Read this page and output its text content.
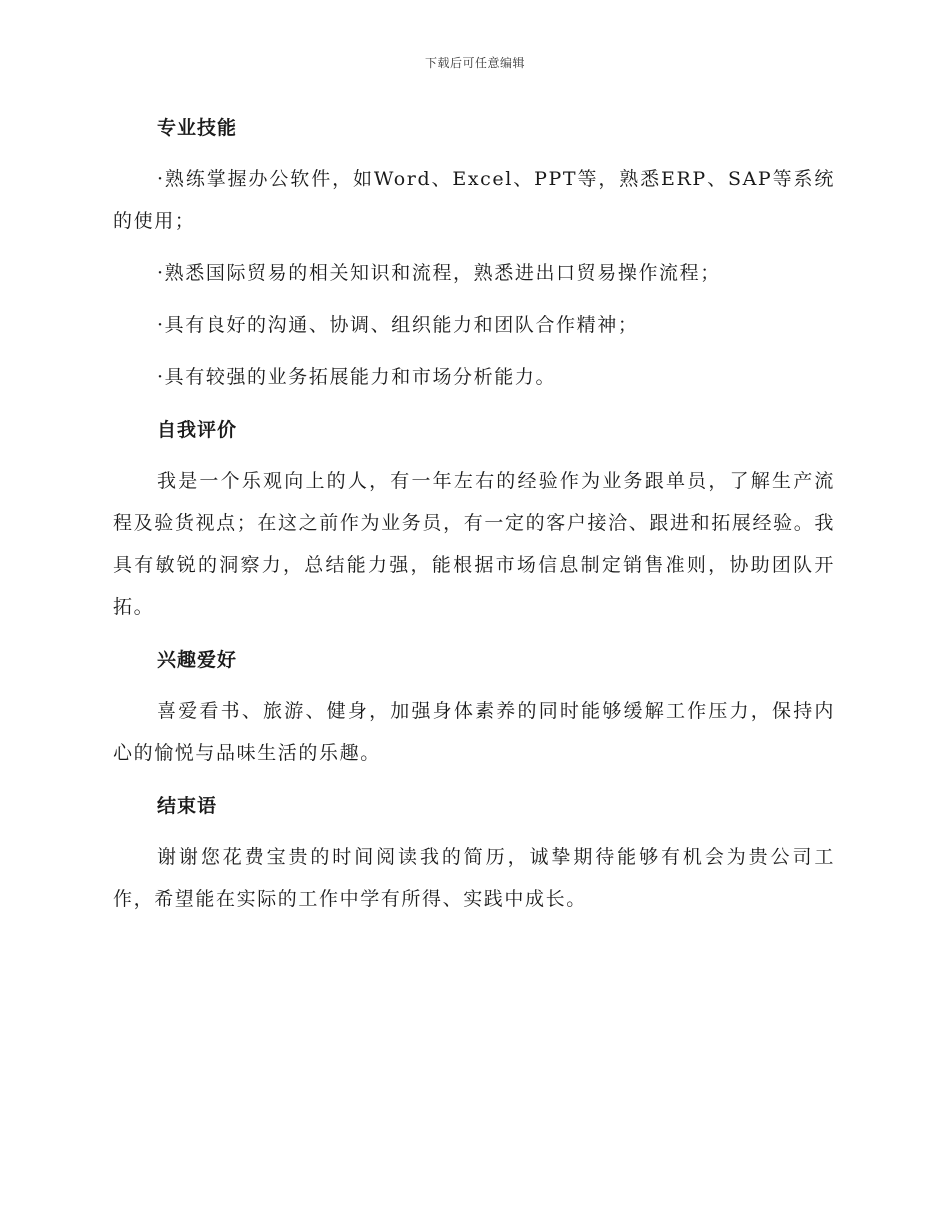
下载后可任意编辑
专业技能

·熟练掌握办公软件，如Word、Excel、PPT等，熟悉ERP、SAP等系统的使用；

·熟悉国际贸易的相关知识和流程，熟悉进出口贸易操作流程；

·具有良好的沟通、协调、组织能力和团队合作精神；

·具有较强的业务拓展能力和市场分析能力。

自我评价

我是一个乐观向上的人，有一年左右的经验作为业务跟单员，了解生产流程及验货视点；在这之前作为业务员，有一定的客户接洽、跟进和拓展经验。我具有敏锐的洞察力，总结能力强，能根据市场信息制定销售准则，协助团队开拓。

兴趣爱好

喜爱看书、旅游、健身，加强身体素养的同时能够缓解工作压力，保持内心的愉悦与品味生活的乐趣。

结束语

谢谢您花费宝贵的时间阅读我的简历，诚挚期待能够有机会为贵公司工作，希望能在实际的工作中学有所得、实践中成长。
